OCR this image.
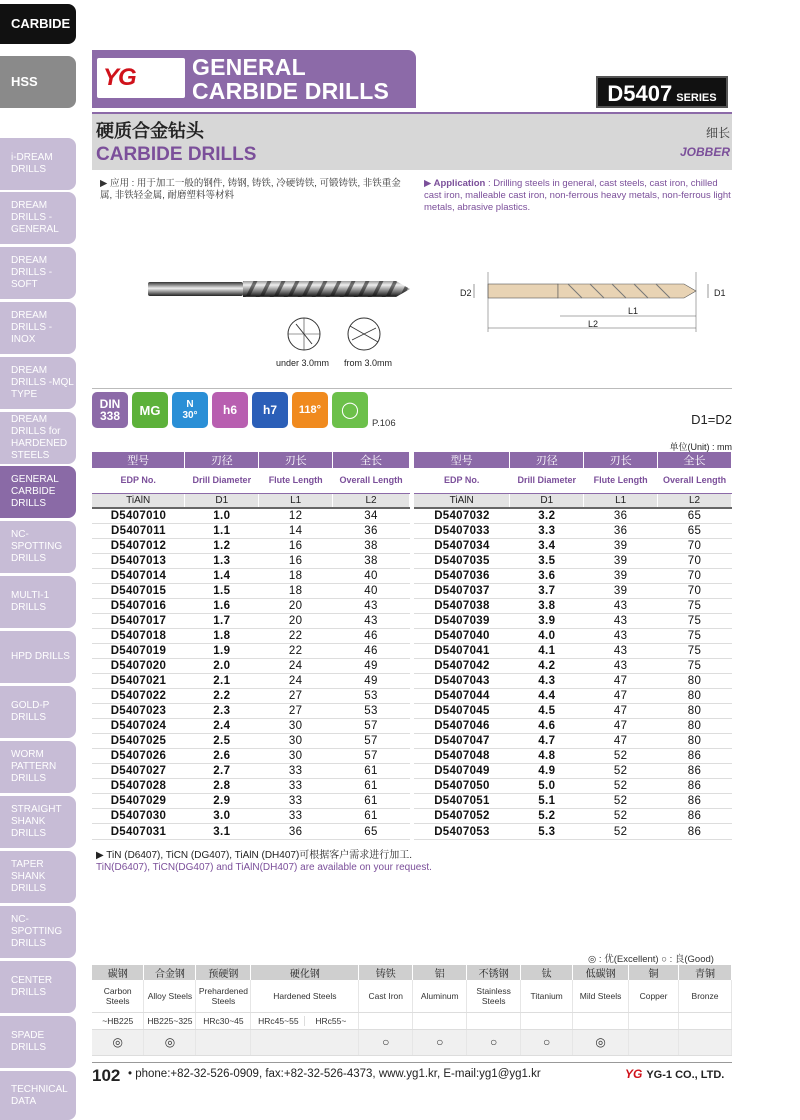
CARBIDE
HSS
i-DREAM DRILLS
DREAM DRILLS -GENERAL
DREAM DRILLS -SOFT
DREAM DRILLS -INOX
DREAM DRILLS -MQL TYPE
DREAM DRILLS for HARDENED STEELS
GENERAL CARBIDE DRILLS
NC-SPOTTING DRILLS
MULTI-1 DRILLS
HPD DRILLS
GOLD-P DRILLS
WORM PATTERN DRILLS
STRAIGHT SHANK DRILLS
TAPER SHANK DRILLS
NC-SPOTTING DRILLS
CENTER DRILLS
SPADE DRILLS
TECHNICAL DATA
YG GENERAL
CARBIDE DRILLS	D5407 SERIES
硬质合金钻头
CARBIDE DRILLS
细长
JOBBER
▶ 应用 : 用于加工一般的钢件, 铸钢, 铸铁, 冷硬铸铁, 可锻铸铁, 非铁重金属, 非铁轻金属, 耐磨塑料等材料
▶ Application : Drilling steels in general, cast steels, cast iron, chilled cast iron, malleable cast iron, non-ferrous heavy metals, non-ferrous light metals, abrasive plastics.
under 3.0mm from 3.0mm
D2	D1
L1
L2
DIN
338 MG	N
30° h6 h7 118°	◯
P.106	D1=D2
单位(Unit) : mm
型号	刃径	刃长	全长
EDP No.	Drill Diameter	Flute Length	Overall Length
TiAlN	D1	L1	L2
D5407010	1.0	12	34
D5407011	1.1	14	36
D5407012	1.2	16	38
D5407013	1.3	16	38
D5407014	1.4	18	40
D5407015	1.5	18	40
D5407016	1.6	20	43
D5407017	1.7	20	43
D5407018	1.8	22	46
D5407019	1.9	22	46
D5407020	2.0	24	49
D5407021	2.1	24	49
D5407022	2.2	27	53
D5407023	2.3	27	53
D5407024	2.4	30	57
D5407025	2.5	30	57
D5407026	2.6	30	57
D5407027	2.7	33	61
D5407028	2.8	33	61
D5407029	2.9	33	61
D5407030	3.0	33	61
D5407031	3.1	36	65
型号	刃径	刃长	全长
EDP No.	Drill Diameter	Flute Length	Overall Length
TiAlN	D1	L1	L2
D5407032	3.2	36	65
D5407033	3.3	36	65
D5407034	3.4	39	70
D5407035	3.5	39	70
D5407036	3.6	39	70
D5407037	3.7	39	70
D5407038	3.8	43	75
D5407039	3.9	43	75
D5407040	4.0	43	75
D5407041	4.1	43	75
D5407042	4.2	43	75
D5407043	4.3	47	80
D5407044	4.4	47	80
D5407045	4.5	47	80
D5407046	4.6	47	80
D5407047	4.7	47	80
D5407048	4.8	52	86
D5407049	4.9	52	86
D5407050	5.0	52	86
D5407051	5.1	52	86
D5407052	5.2	52	86
D5407053	5.3	52	86
▶ TiN (D6407), TiCN (DG407), TiAlN (DH407)可根据客户需求进行加工.
TiN(D6407), TiCN(DG407) and TiAlN(DH407) are available on your request.
◎ : 优(Excellent) ○ : 良(Good)
碳钢	合金钢	预硬钢	硬化钢	铸铁	铝	不锈钢	钛	低碳钢	铜	青铜
Carbon Steels	Alloy Steels	Prehardened Steels	Hardened Steels	Cast Iron	Aluminum	Stainless Steels	Titanium	Mild Steels	Copper	Bronze
~HB225	HB225~325	HRc30~45	HRc45~55 HRc55~							
◎	◎			○	○	○	○	◎		
102 • phone:+82-32-526-0909, fax:+82-32-526-4373, www.yg1.kr, E-mail:yg1@yg1.kr	YG YG-1 CO., LTD.
